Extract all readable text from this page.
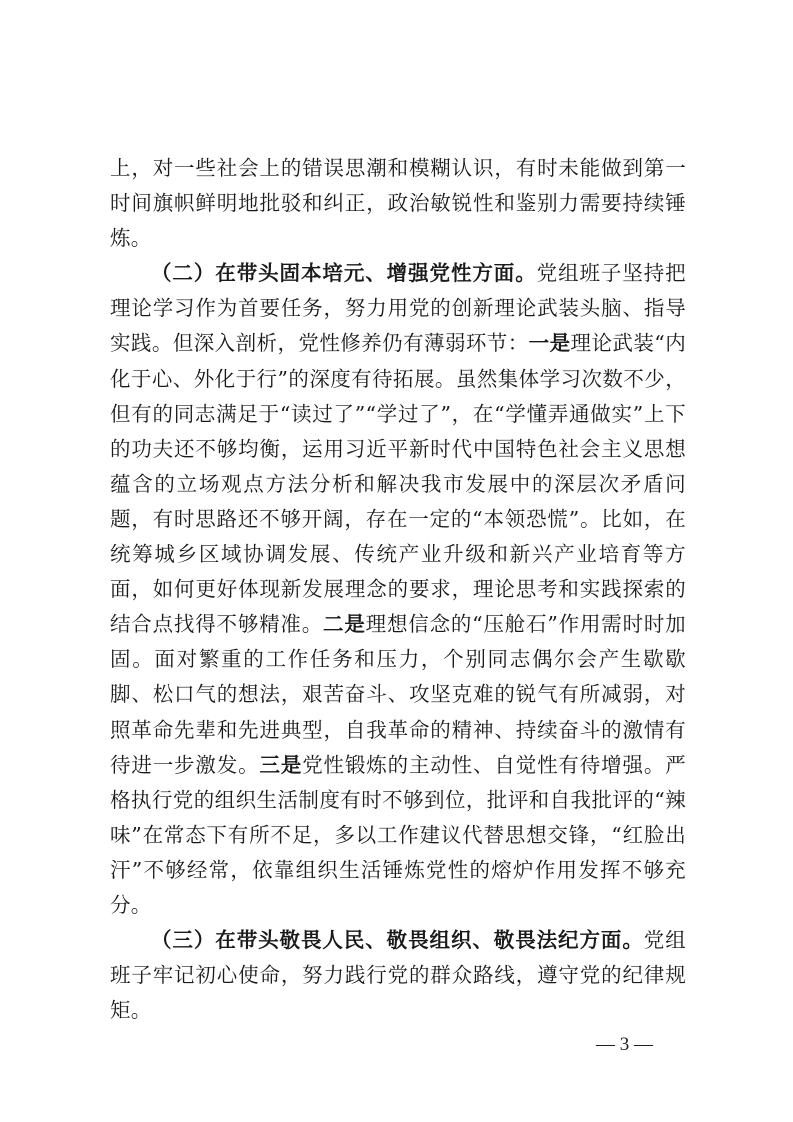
上，对一些社会上的错误思潮和模糊认识，有时未能做到第一时间旗帜鲜明地批驳和纠正，政治敏锐性和鉴别力需要持续锤炼。

（二）在带头固本培元、增强党性方面。党组班子坚持把理论学习作为首要任务，努力用党的创新理论武装头脑、指导实践。但深入剖析，党性修养仍有薄弱环节：一是理论武装“内化于心、外化于行”的深度有待拓展。虽然集体学习次数不少，但有的同志满足于“读过了”“学过了”，在“学懂弄通做实”上下的功夫还不够均衡，运用习近平新时代中国特色社会主义思想蕴含的立场观点方法分析和解决我市发展中的深层次矛盾问题，有时思路还不够开阔，存在一定的“本领恐慌”。比如，在统筹城乡区域协调发展、传统产业升级和新兴产业培育等方面，如何更好体现新发展理念的要求，理论思考和实践探索的结合点找得不够精准。二是理想信念的“压舱石”作用需时时加固。面对繁重的工作任务和压力，个别同志偶尔会产生歇歇脚、松口气的想法，艰苦奋斗、攻坚克难的锐气有所减弱，对照革命先辈和先进典型，自我革命的精神、持续奋斗的激情有待进一步激发。三是党性锻炼的主动性、自觉性有待增强。严格执行党的组织生活制度有时不够到位，批评和自我批评的“辣味”在常态下有所不足，多以工作建议代替思想交锋，“红脸出汗”不够经常，依靠组织生活锤炼党性的熔炉作用发挥不够充分。

（三）在带头敬畏人民、敬畏组织、敬畏法纪方面。党组班子牢记初心使命，努力践行党的群众路线，遵守党的纪律规矩。

— 3 —
